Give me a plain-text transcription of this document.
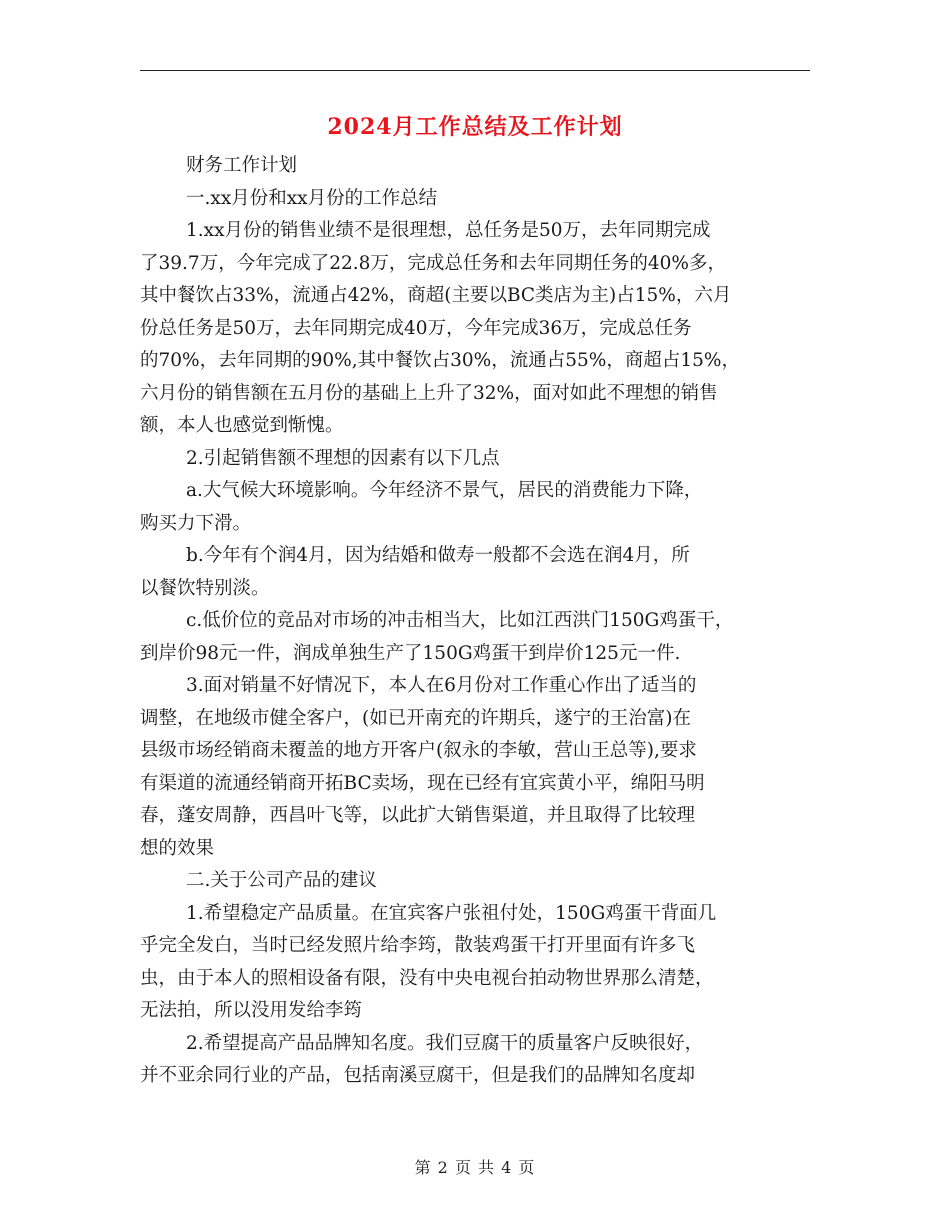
2024月工作总结及工作计划
财务工作计划
一.xx月份和xx月份的工作总结
1.xx月份的销售业绩不是很理想，总任务是50万，去年同期完成
了39.7万，今年完成了22.8万，完成总任务和去年同期任务的40%多，
其中餐饮占33%，流通占42%，商超(主要以BC类店为主)占15%，六月
份总任务是50万，去年同期完成40万，今年完成36万，完成总任务
的70%，去年同期的90%,其中餐饮占30%，流通占55%，商超占15%，
六月份的销售额在五月份的基础上上升了32%，面对如此不理想的销售
额，本人也感觉到惭愧。
2.引起销售额不理想的因素有以下几点
a.大气候大环境影响。今年经济不景气，居民的消费能力下降，
购买力下滑。
b.今年有个润4月，因为结婚和做寿一般都不会选在润4月，所
以餐饮特别淡。
c.低价位的竞品对市场的冲击相当大，比如江西洪门150G鸡蛋干，
到岸价98元一件，润成单独生产了150G鸡蛋干到岸价125元一件.
3.面对销量不好情况下，本人在6月份对工作重心作出了适当的
调整，在地级市健全客户，(如已开南充的许期兵，遂宁的王治富)在
县级市场经销商未覆盖的地方开客户(叙永的李敏，营山王总等),要求
有渠道的流通经销商开拓BC卖场，现在已经有宜宾黄小平，绵阳马明
春，蓬安周静，西昌叶飞等，以此扩大销售渠道，并且取得了比较理
想的效果
二.关于公司产品的建议
1.希望稳定产品质量。在宜宾客户张祖付处，150G鸡蛋干背面几
乎完全发白，当时已经发照片给李筠，散装鸡蛋干打开里面有许多飞
虫，由于本人的照相设备有限，没有中央电视台拍动物世界那么清楚，
无法拍，所以没用发给李筠
2.希望提高产品品牌知名度。我们豆腐干的质量客户反映很好，
并不亚余同行业的产品，包括南溪豆腐干，但是我们的品牌知名度却
第 2 页 共 4 页
